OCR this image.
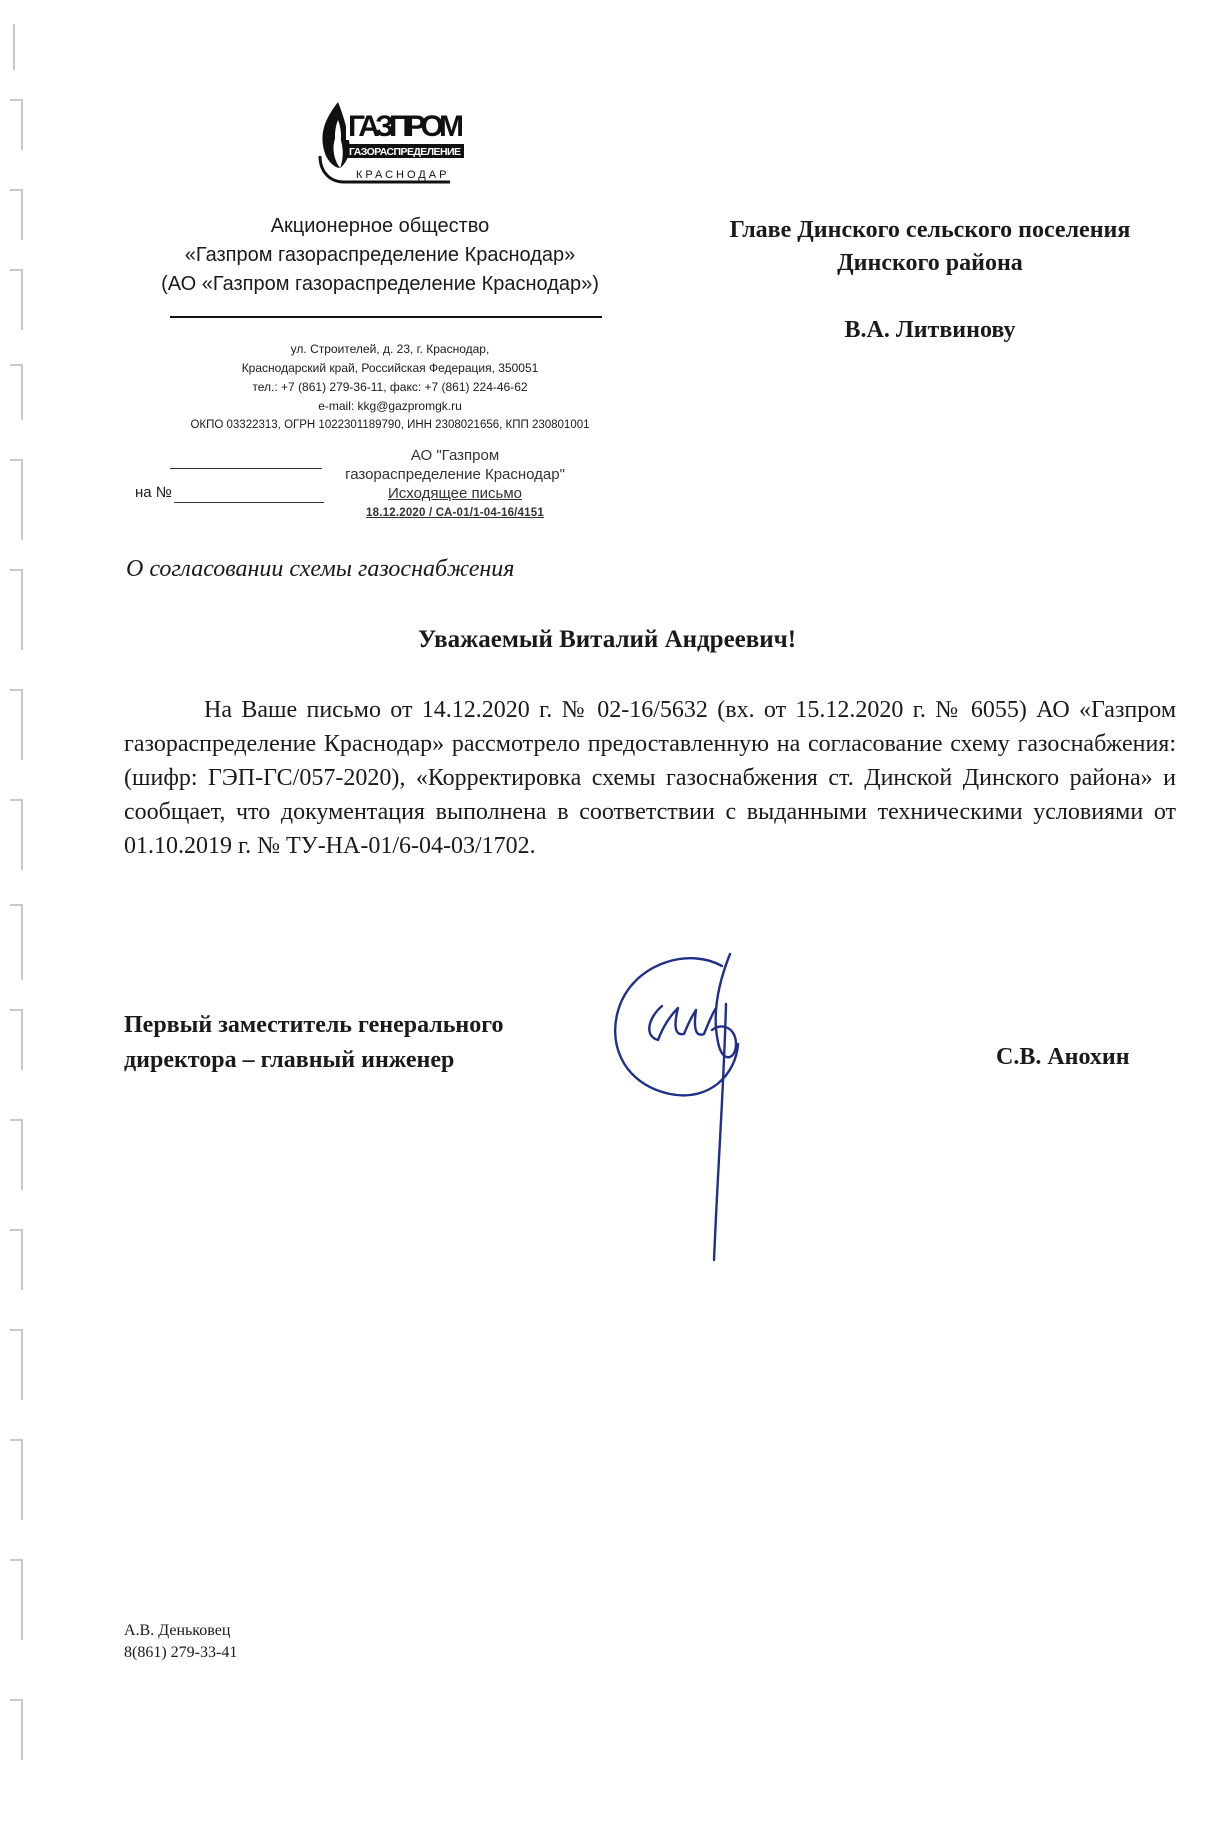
ГАЗПРОМ
ГАЗОРАСПРЕДЕЛЕНИЕ
КРАСНОДАР
Акционерное общество
«Газпром газораспределение Краснодар»
(АО «Газпром газораспределение Краснодар»)
ул. Строителей, д. 23, г. Краснодар,
Краснодарский край, Российская Федерация, 350051
тел.: +7 (861) 279-36-11, факс: +7 (861) 224-46-62
e-mail: kkg@gazpromgk.ru
ОКПО 03322313, ОГРН 1022301189790, ИНН 2308021656, КПП 230801001
на №
АО "Газпром
газораспределение Краснодар"
Исходящее письмо
18.12.2020 / СА-01/1-04-16/4151
Главе Динского сельского поселения
Динского района
В.А. Литвинову
О согласовании схемы газоснабжения
Уважаемый Виталий Андреевич!
На Ваше письмо от 14.12.2020 г. № 02-16/5632 (вх. от 15.12.2020 г. № 6055) АО «Газпром газораспределение Краснодар» рассмотрело предоставленную на согласование схему газоснабжения: (шифр: ГЭП-ГС/057-2020), «Корректировка схемы газоснабжения ст. Динской Динского района» и сообщает, что документация выполнена в соответствии с выданными техническими условиями от 01.10.2019 г. № ТУ-НА-01/6-04-03/1702.
Первый заместитель генерального
директора – главный инженер	С.В. Анохин
А.В. Деньковец
8(861) 279-33-41
